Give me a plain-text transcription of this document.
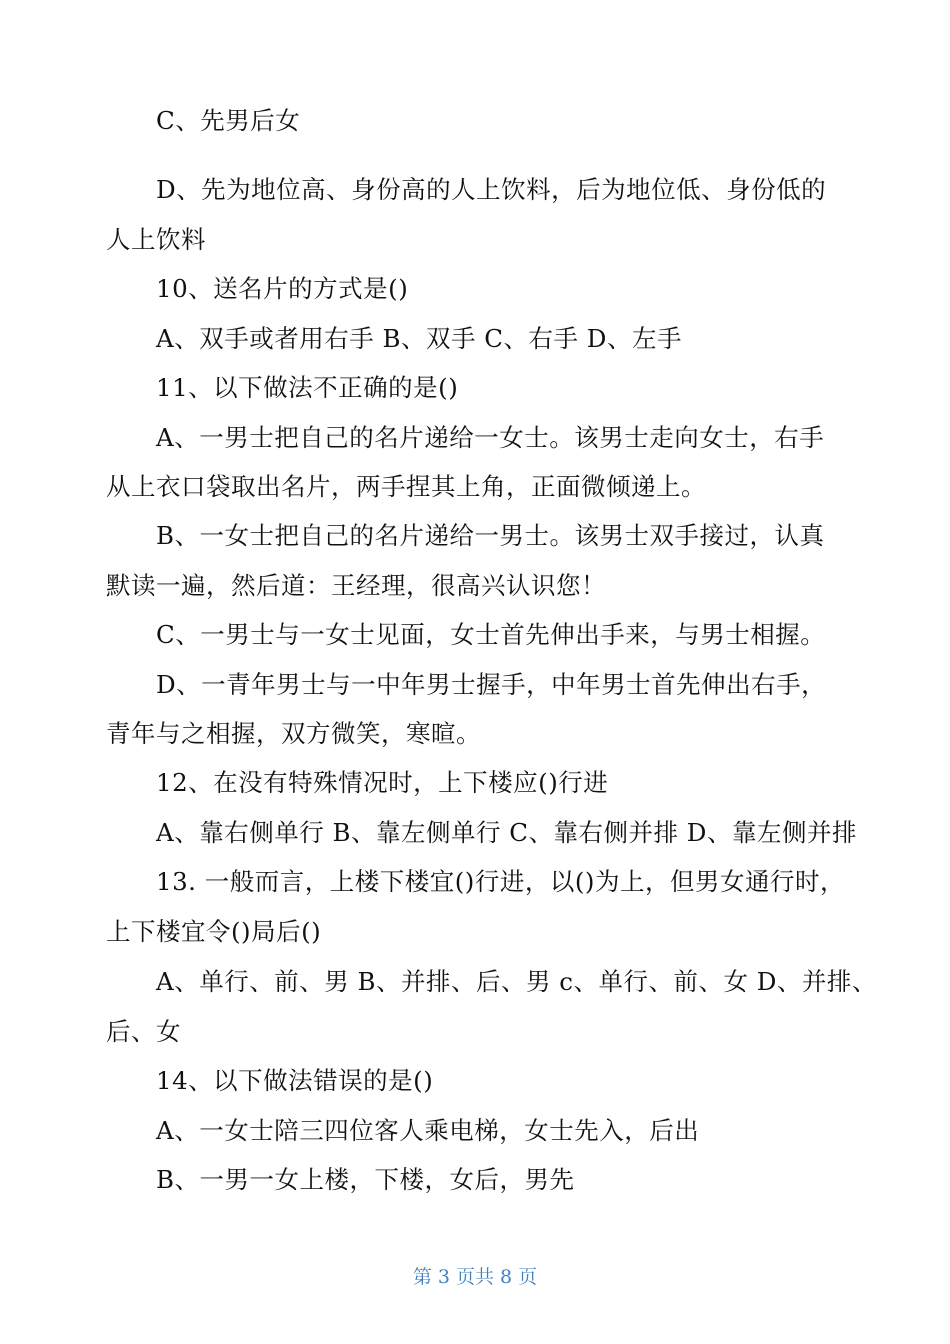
C、先男后女
D、先为地位高、身份高的人上饮料，后为地位低、身份低的
人上饮料
10、送名片的方式是()
A、双手或者用右手 B、双手 C、右手 D、左手
11、以下做法不正确的是()
A、一男士把自己的名片递给一女士。该男士走向女士，右手
从上衣口袋取出名片，两手捏其上角，正面微倾递上。
B、一女士把自己的名片递给一男士。该男士双手接过，认真
默读一遍，然后道：王经理，很高兴认识您！
C、一男士与一女士见面，女士首先伸出手来，与男士相握。
D、一青年男士与一中年男士握手，中年男士首先伸出右手，
青年与之相握，双方微笑，寒暄。
12、在没有特殊情况时，上下楼应()行进
A、靠右侧单行 B、靠左侧单行 C、靠右侧并排 D、靠左侧并排
13. 一般而言，上楼下楼宜()行进，以()为上，但男女通行时，
上下楼宜令()局后()
A、单行、前、男 B、并排、后、男 c、单行、前、女 D、并排、
后、女
14、以下做法错误的是()
A、一女士陪三四位客人乘电梯，女士先入，后出
B、一男一女上楼，下楼，女后，男先
第 3 页共 8 页
